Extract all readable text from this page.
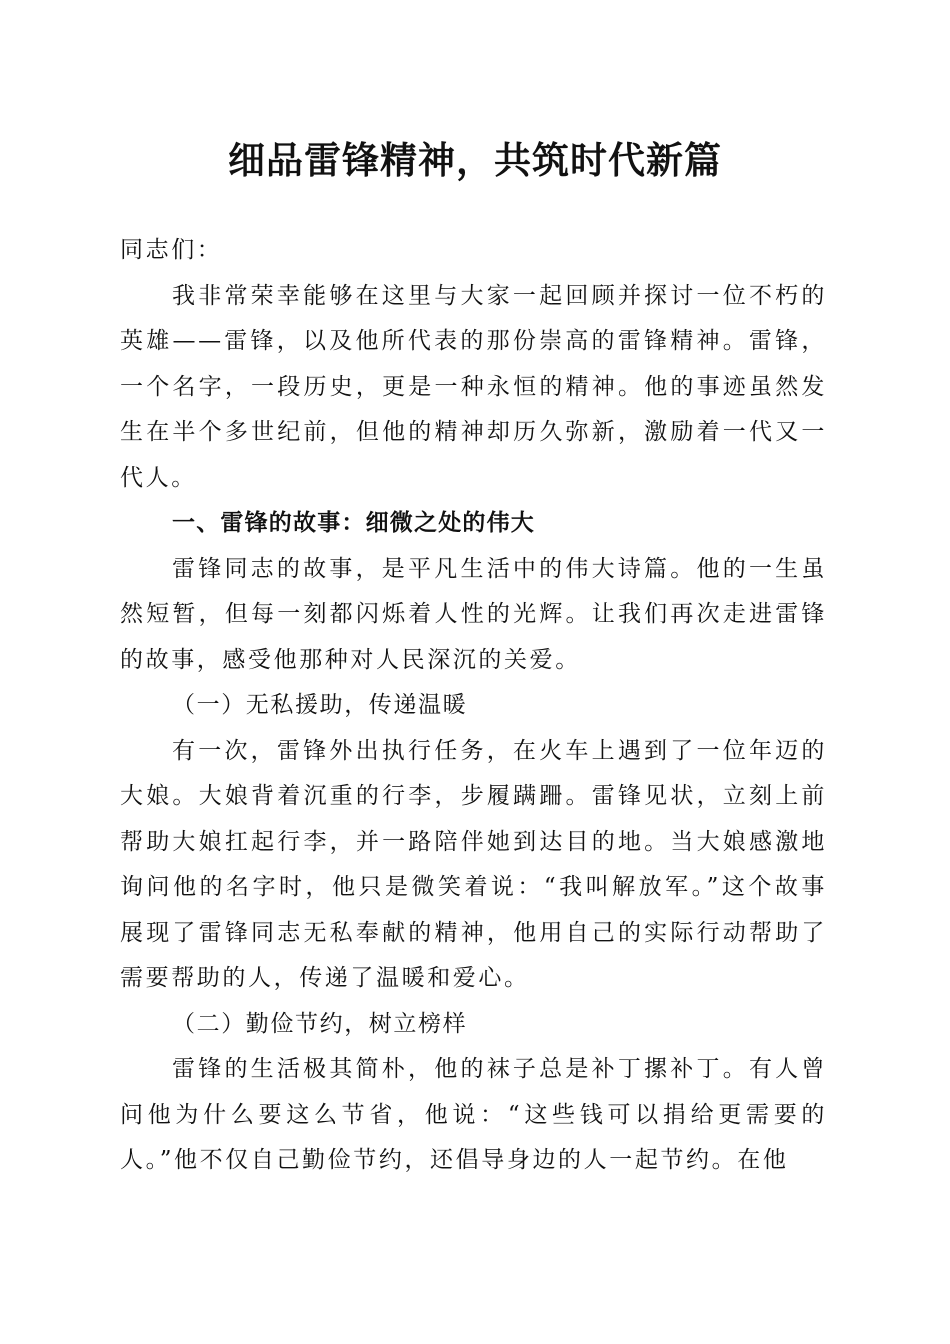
细品雷锋精神，共筑时代新篇

同志们：

我非常荣幸能够在这里与大家一起回顾并探讨一位不朽的英雄——雷锋，以及他所代表的那份崇高的雷锋精神。雷锋，一个名字，一段历史，更是一种永恒的精神。他的事迹虽然发生在半个多世纪前，但他的精神却历久弥新，激励着一代又一代人。

一、雷锋的故事：细微之处的伟大

雷锋同志的故事，是平凡生活中的伟大诗篇。他的一生虽然短暂，但每一刻都闪烁着人性的光辉。让我们再次走进雷锋的故事，感受他那种对人民深沉的关爱。

（一）无私援助，传递温暖

有一次，雷锋外出执行任务，在火车上遇到了一位年迈的大娘。大娘背着沉重的行李，步履蹒跚。雷锋见状，立刻上前帮助大娘扛起行李，并一路陪伴她到达目的地。当大娘感激地询问他的名字时，他只是微笑着说：“我叫解放军。”这个故事展现了雷锋同志无私奉献的精神，他用自己的实际行动帮助了需要帮助的人，传递了温暖和爱心。

（二）勤俭节约，树立榜样

雷锋的生活极其简朴，他的袜子总是补丁摞补丁。有人曾问他为什么要这么节省，他说：“这些钱可以捐给更需要的人。”他不仅自己勤俭节约，还倡导身边的人一起节约。在他
